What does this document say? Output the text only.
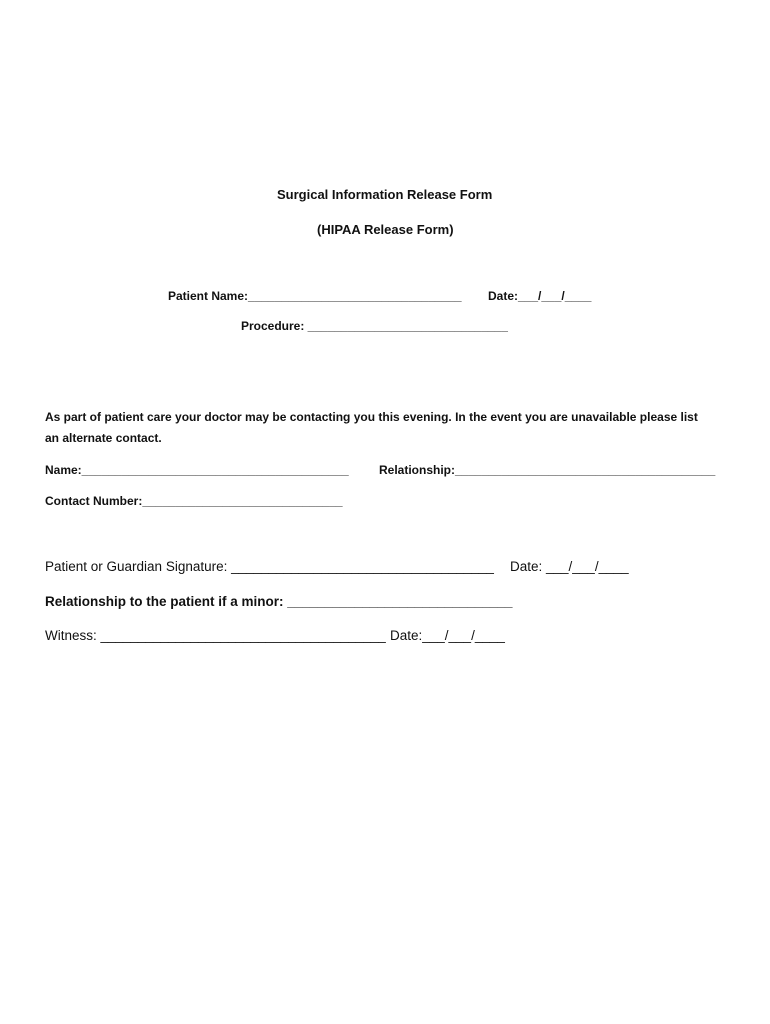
Surgical Information Release Form
(HIPAA Release Form)
Patient Name:________________________________ Date:___/___/____
Procedure: ______________________________
As part of patient care your doctor may be contacting you this evening. In the event you are unavailable please list
an alternate contact.
Name:________________________________________	Relationship:_______________________________________
Contact Number:______________________________
Patient or Guardian Signature: ___________________________________ Date: ___/___/____
Relationship to the patient if a minor: ______________________________
Witness: ______________________________________ Date:___/___/____
